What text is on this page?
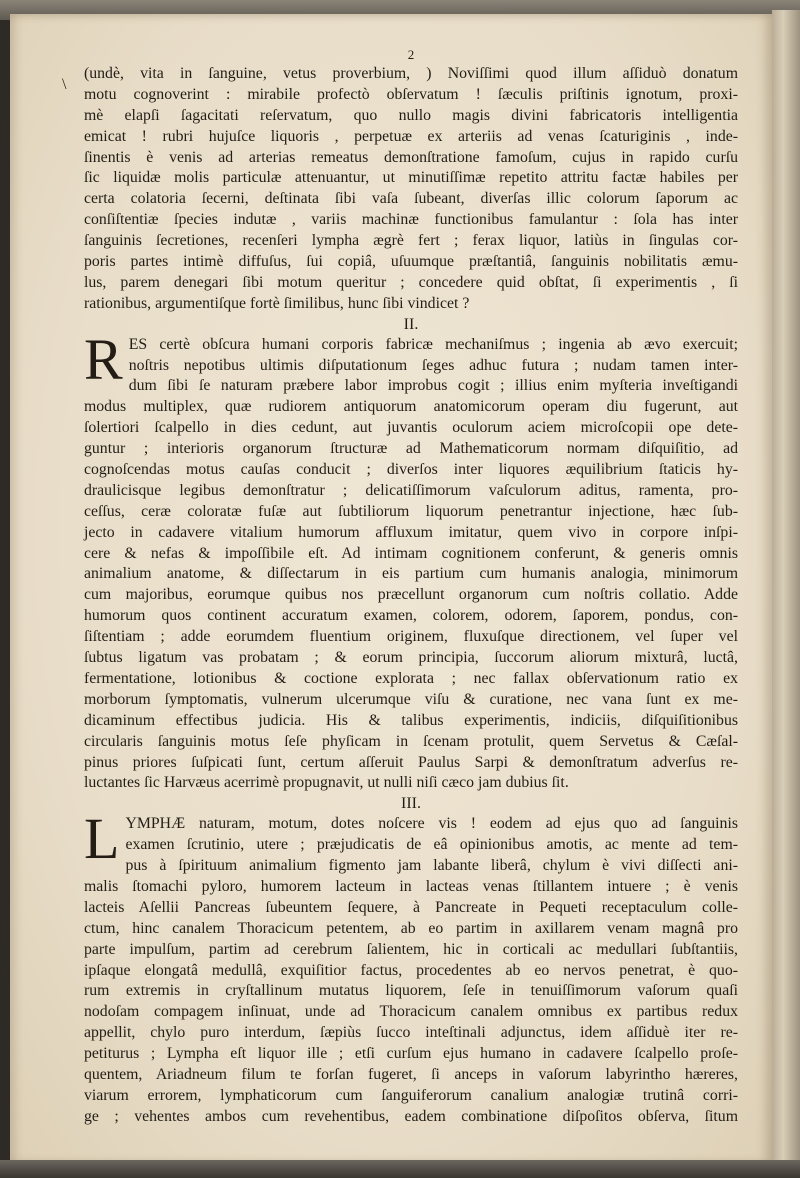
\
2
(undè, vita in ſanguine, vetus proverbium, ) Noviſſimi quod illum aſſiduò donatum
motu cognoverint : mirabile profectò obſervatum ! ſæculis priſtinis ignotum, proxi-
mè elapſi ſagacitati reſervatum, quo nullo magis divini fabricatoris intelligentia
emicat ! rubri hujuſce liquoris , perpetuæ ex arteriis ad venas ſcaturiginis , inde-
ſinentis è venis ad arterias remeatus demonſtratione famoſum, cujus in rapido curſu
ſic liquidæ molis particulæ attenuantur, ut minutiſſimæ repetito attritu factæ habiles per
certa colatoria ſecerni, deſtinata ſibi vaſa ſubeant, diverſas illic colorum ſaporum ac
conſiſtentiæ ſpecies indutæ , variis machinæ functionibus famulantur : ſola has inter
ſanguinis ſecretiones, recenſeri lympha ægrè fert ; ferax liquor, latiùs in ſingulas cor-
poris partes intimè diffuſus, ſui copiâ, uſuumque præſtantiâ, ſanguinis nobilitatis æmu-
lus, parem denegari ſibi motum queritur ; concedere quid obſtat, ſi experimentis , ſi
rationibus, argumentiſque fortè ſimilibus, hunc ſibi vindicet ?
II.
R ES certè obſcura humani corporis fabricæ mechaniſmus ; ingenia ab ævo exercuit;
noſtris nepotibus ultimis diſputationum ſeges adhuc futura ; nudam tamen inter-
dum ſibi ſe naturam præbere labor improbus cogit ; illius enim myſteria inveſtigandi
modus multiplex, quæ rudiorem antiquorum anatomicorum operam diu fugerunt, aut
ſolertiori ſcalpello in dies cedunt, aut juvantis oculorum aciem microſcopii ope dete-
guntur ; interioris organorum ſtructuræ ad Mathematicorum normam diſquiſitio, ad
cognoſcendas motus cauſas conducit ; diverſos inter liquores æquilibrium ſtaticis hy-
draulicisque legibus demonſtratur ; delicatiſſimorum vaſculorum aditus, ramenta, pro-
ceſſus, ceræ coloratæ fuſæ aut ſubtiliorum liquorum penetrantur injectione, hæc ſub-
jecto in cadavere vitalium humorum affluxum imitatur, quem vivo in corpore inſpi-
cere & nefas & impoſſibile eſt. Ad intimam cognitionem conferunt, & generis omnis
animalium anatome, & diſſectarum in eis partium cum humanis analogia, minimorum
cum majoribus, eorumque quibus nos præcellunt organorum cum noſtris collatio. Adde
humorum quos continent accuratum examen, colorem, odorem, ſaporem, pondus, con-
ſiſtentiam ; adde eorumdem fluentium originem, fluxuſque directionem, vel ſuper vel
ſubtus ligatum vas probatam ; & eorum principia, ſuccorum aliorum mixturâ, luctâ,
fermentatione, lotionibus & coctione explorata ; nec fallax obſervationum ratio ex
morborum ſymptomatis, vulnerum ulcerumque viſu & curatione, nec vana ſunt ex me-
dicaminum effectibus judicia. His & talibus experimentis, indiciis, diſquiſitionibus
circularis ſanguinis motus ſeſe phyſicam in ſcenam protulit, quem Servetus & Cæſal-
pinus priores ſuſpicati ſunt, certum aſſeruit Paulus Sarpi & demonſtratum adverſus re-
luctantes ſic Harvæus acerrimè propugnavit, ut nulli niſi cæco jam dubius ſit.
III.
L YMPHÆ naturam, motum, dotes noſcere vis ! eodem ad ejus quo ad ſanguinis
examen ſcrutinio, utere ; præjudicatis de eâ opinionibus amotis, ac mente ad tem-
pus à ſpirituum animalium figmento jam labante liberâ, chylum è vivi diſſecti ani-
malis ſtomachi pyloro, humorem lacteum in lacteas venas ſtillantem intuere ; è venis
lacteis Aſellii Pancreas ſubeuntem ſequere, à Pancreate in Pequeti receptaculum colle-
ctum, hinc canalem Thoracicum petentem, ab eo partim in axillarem venam magnâ pro
parte impulſum, partim ad cerebrum ſalientem, hic in corticali ac medullari ſubſtantiis,
ipſaque elongatâ medullâ, exquiſitior factus, procedentes ab eo nervos penetrat, è quo-
rum extremis in cryſtallinum mutatus liquorem, ſeſe in tenuiſſimorum vaſorum quaſi
nodoſam compagem inſinuat, unde ad Thoracicum canalem omnibus ex partibus redux
appellit, chylo puro interdum, ſæpiùs ſucco inteſtinali adjunctus, idem aſſiduè iter re-
petiturus ; Lympha eſt liquor ille ; etſi curſum ejus humano in cadavere ſcalpello proſe-
quentem, Ariadneum filum te forſan fugeret, ſi anceps in vaſorum labyrintho hæreres,
viarum errorem, lymphaticorum cum ſanguiferorum canalium analogiæ trutinâ corri-
ge ; vehentes ambos cum revehentibus, eadem combinatione diſpoſitos obſerva, ſitum
